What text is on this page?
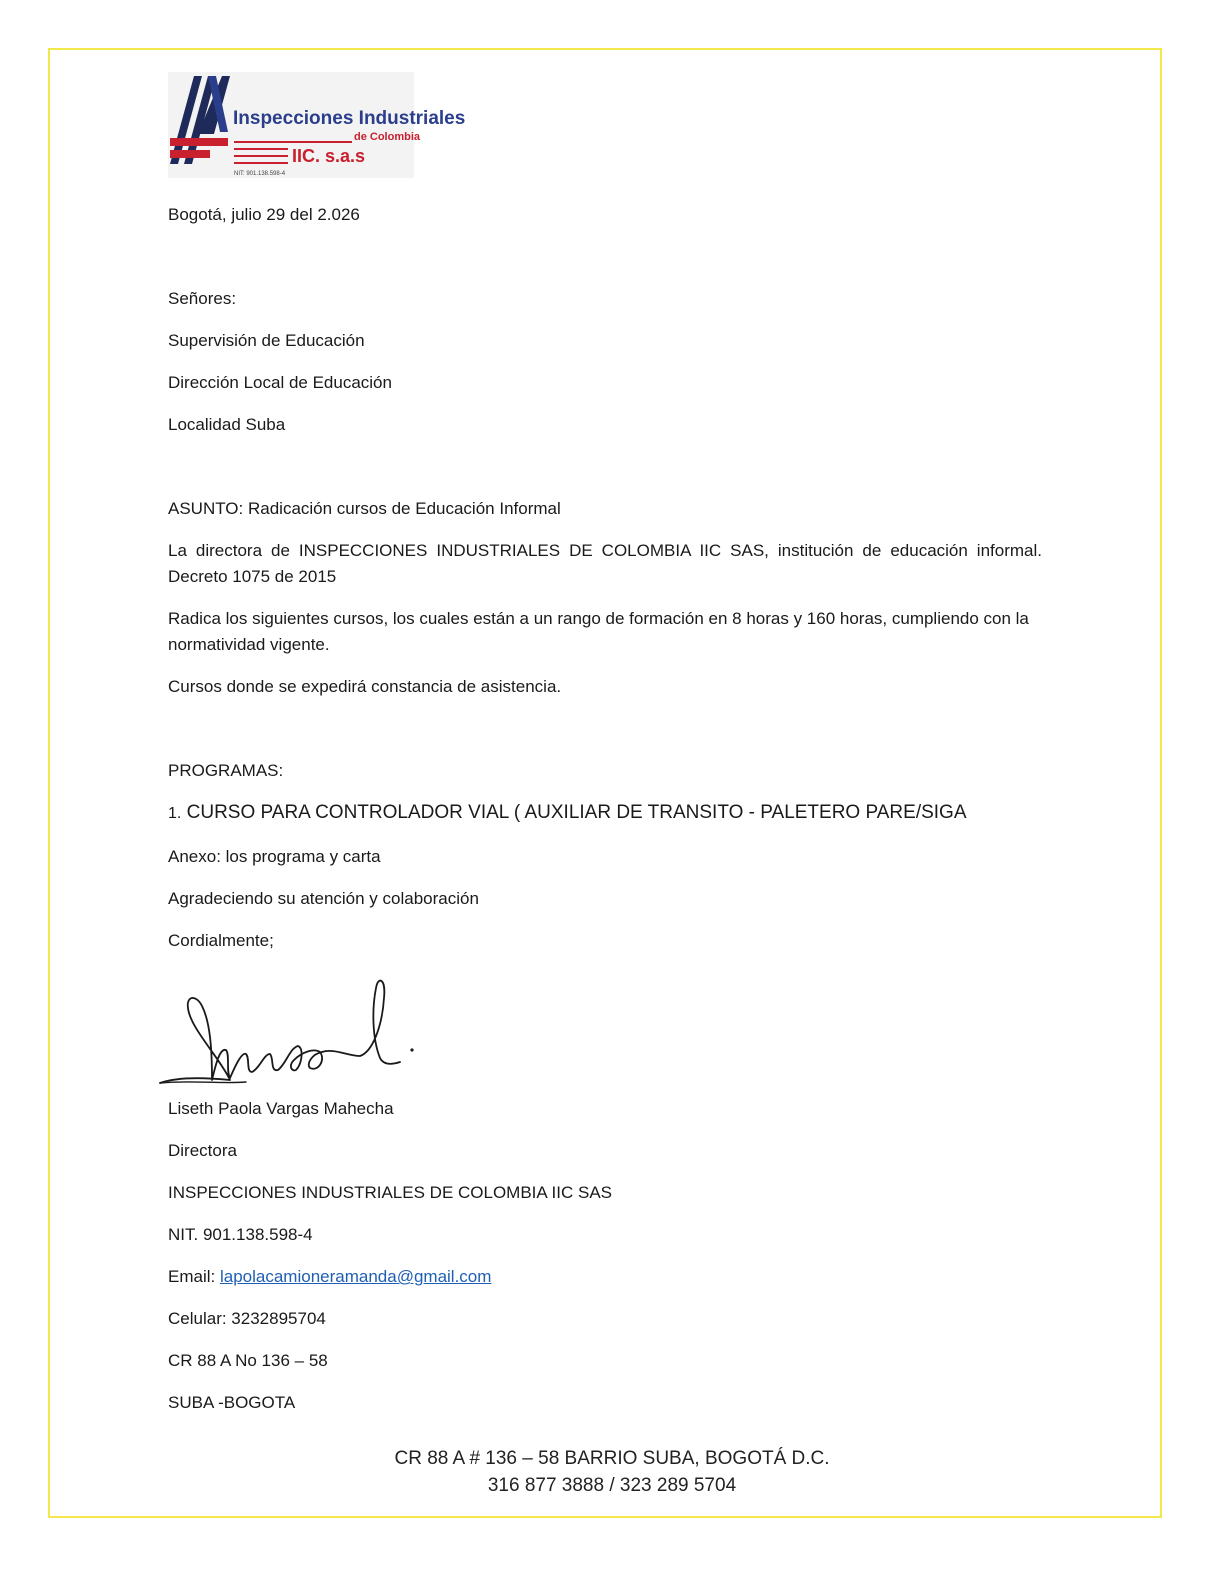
Inspecciones Industriales
de Colombia
IIC. s.a.s
NIT: 901.138.598-4
Bogotá, julio 29 del 2.026
Señores:
Supervisión de Educación
Dirección Local de Educación
Localidad Suba
ASUNTO: Radicación cursos de Educación Informal
La directora de INSPECCIONES INDUSTRIALES DE COLOMBIA IIC SAS, institución de educación informal. Decreto 1075 de 2015
Radica los siguientes cursos, los cuales están a un rango de formación en 8 horas y 160 horas, cumpliendo con la normatividad vigente.
Cursos donde se expedirá constancia de asistencia.
PROGRAMAS:
1. CURSO PARA CONTROLADOR VIAL ( AUXILIAR DE TRANSITO - PALETERO PARE/SIGA
Anexo: los programa y carta
Agradeciendo su atención y colaboración
Cordialmente;
Liseth Paola Vargas Mahecha
Directora
INSPECCIONES INDUSTRIALES DE COLOMBIA IIC SAS
NIT. 901.138.598-4
Email: lapolacamioneramanda@gmail.com
Celular: 3232895704
CR 88 A No 136 – 58
SUBA -BOGOTA
CR 88 A # 136 – 58 BARRIO SUBA, BOGOTÁ D.C.
316 877 3888 / 323 289 5704
